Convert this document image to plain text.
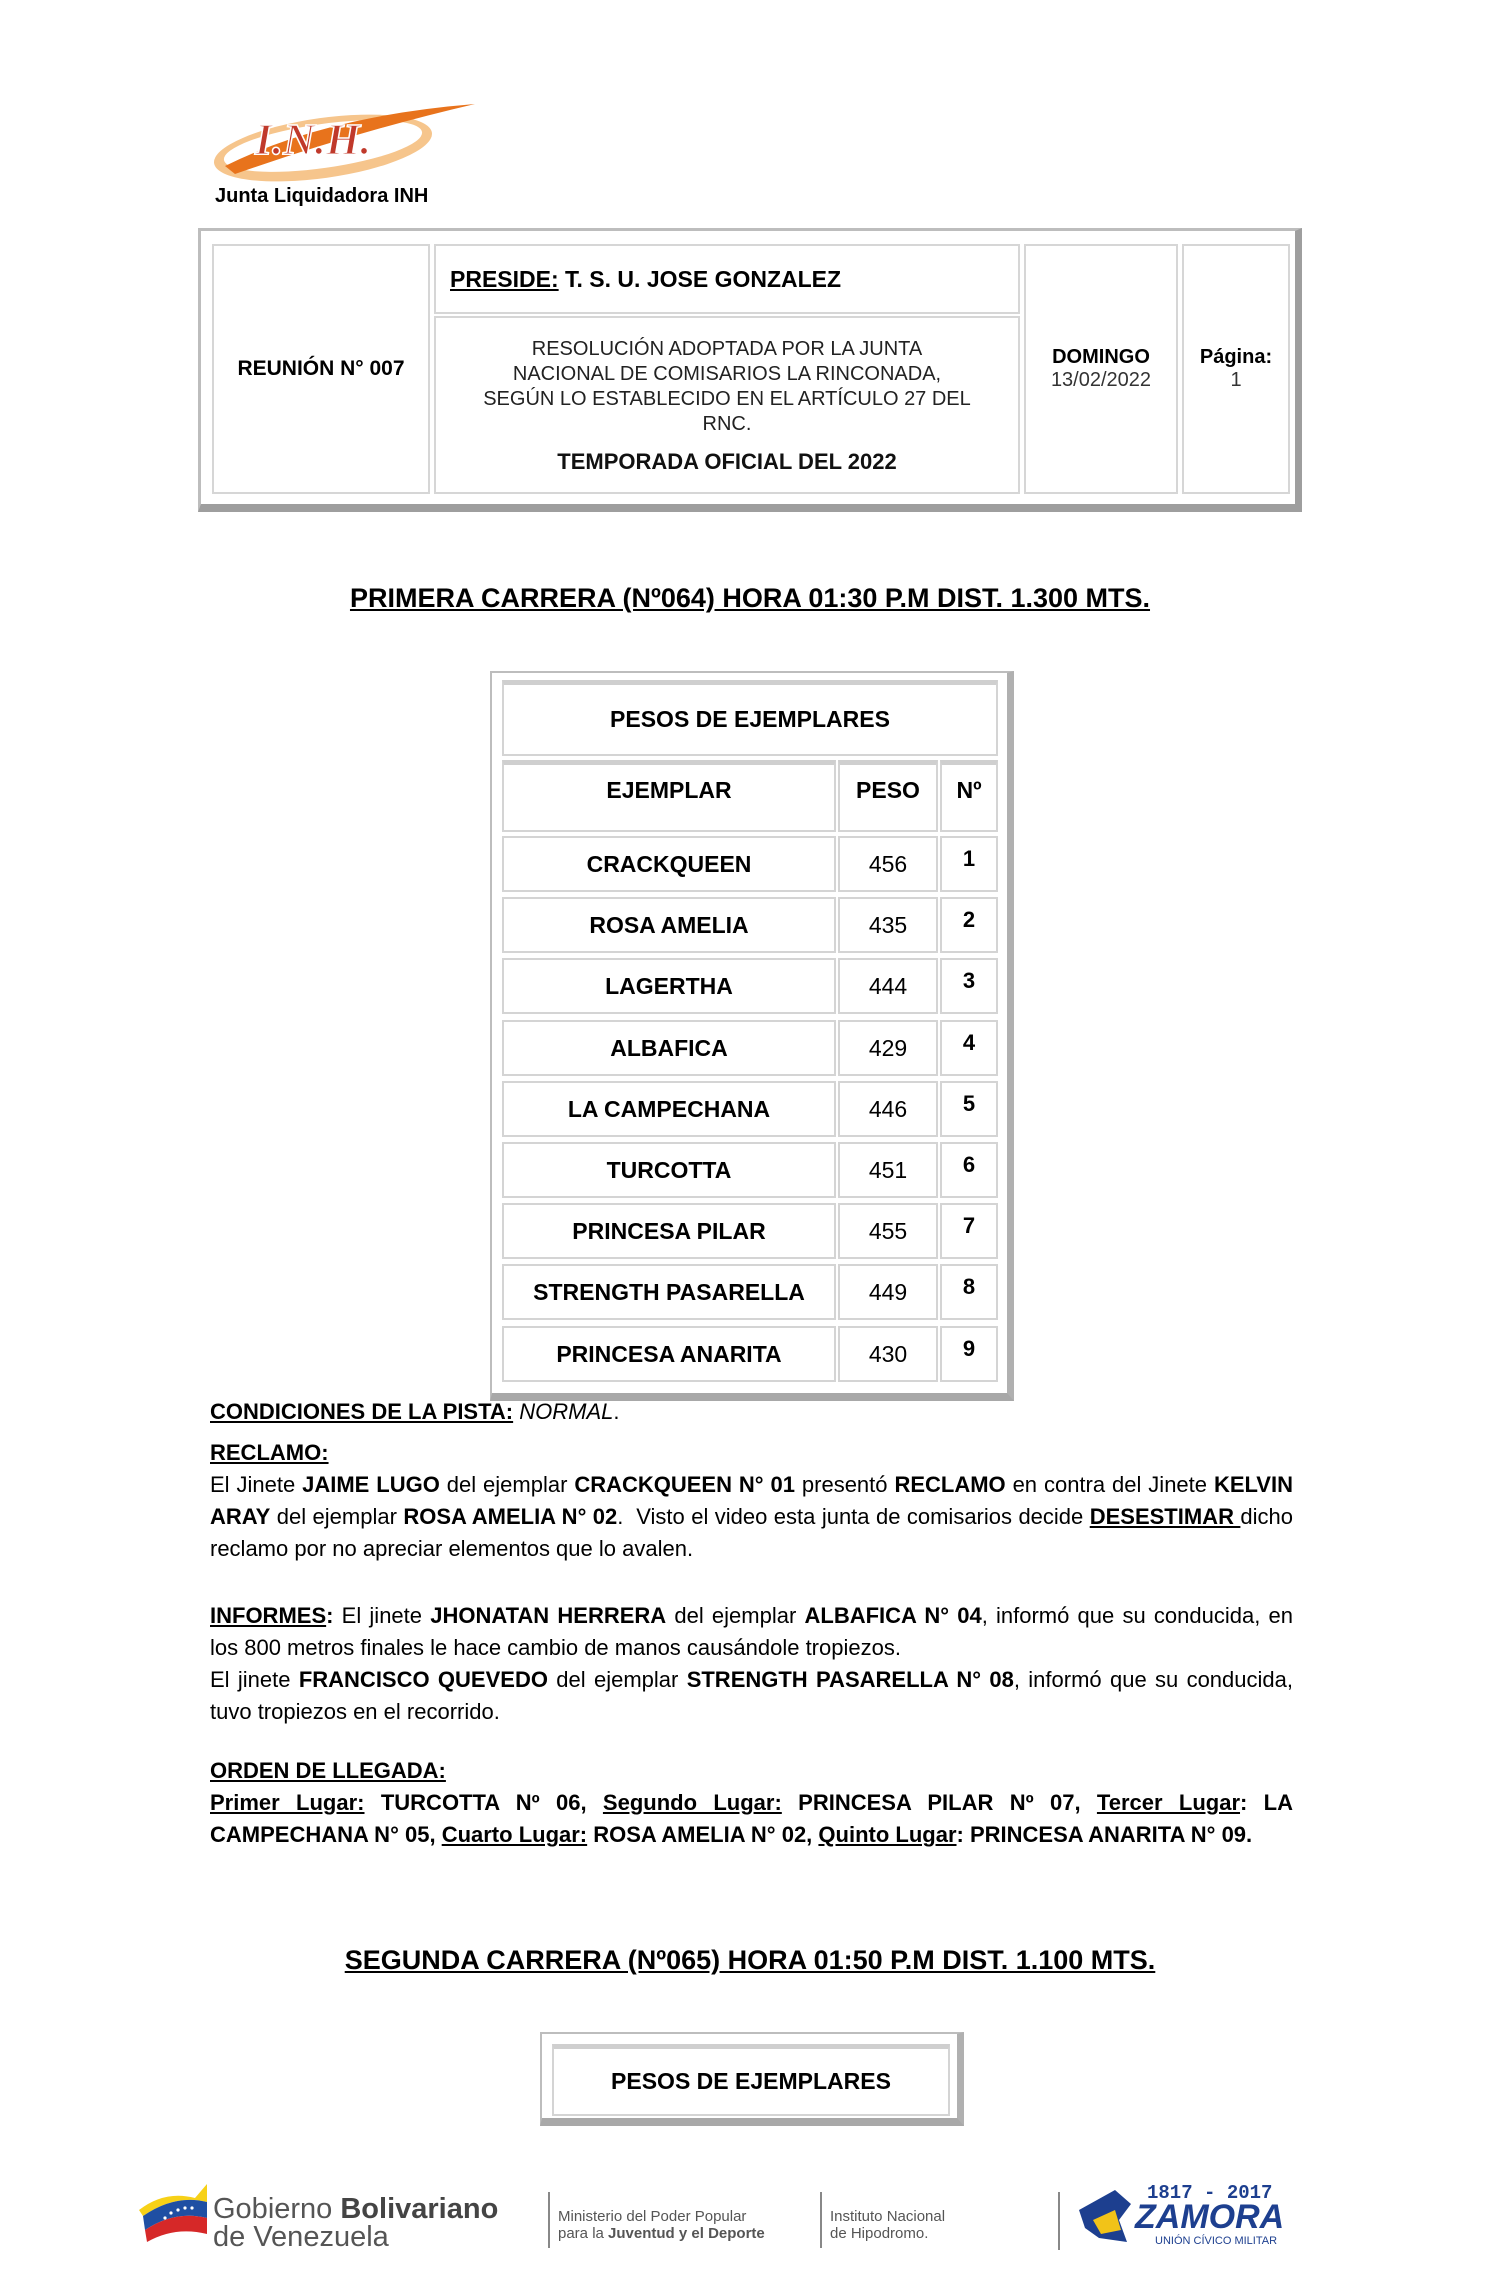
I.N.H.
Junta Liquidadora INH
REUNIÓN N° 007
PRESIDE: T. S. U. JOSE GONZALEZ
RESOLUCIÓN ADOPTADA POR LA JUNTA
NACIONAL DE COMISARIOS LA RINCONADA,
SEGÚN LO ESTABLECIDO EN EL ARTÍCULO 27 DEL
RNC.
TEMPORADA OFICIAL DEL 2022
DOMINGO
13/02/2022
Página:
1
PRIMERA CARRERA (Nº064) HORA 01:30 P.M DIST. 1.300 MTS.
PESOS DE EJEMPLARES
EJEMPLAR	PESO	Nº
CRACKQUEEN	456	1
ROSA AMELIA	435	2
LAGERTHA	444	3
ALBAFICA	429	4
LA CAMPECHANA	446	5
TURCOTTA	451	6
PRINCESA PILAR	455	7
STRENGTH PASARELLA	449	8
PRINCESA ANARITA	430	9
CONDICIONES DE LA PISTA: NORMAL.
RECLAMO:
El Jinete JAIME LUGO del ejemplar CRACKQUEEN N° 01 presentó RECLAMO en contra del Jinete KELVIN ARAY del ejemplar ROSA AMELIA N° 02.  Visto el video esta junta de comisarios decide DESESTIMAR dicho reclamo por no apreciar elementos que lo avalen.
INFORMES: El jinete JHONATAN HERRERA del ejemplar ALBAFICA N° 04, informó que su conducida, en los 800 metros finales le hace cambio de manos causándole tropiezos.
El jinete FRANCISCO QUEVEDO del ejemplar STRENGTH PASARELLA N° 08, informó que su conducida, tuvo tropiezos en el recorrido.
ORDEN DE LLEGADA:
Primer Lugar: TURCOTTA Nº 06, Segundo Lugar: PRINCESA PILAR Nº 07, Tercer Lugar: LA CAMPECHANA N° 05, Cuarto Lugar: ROSA AMELIA N° 02, Quinto Lugar: PRINCESA ANARITA N° 09.
SEGUNDA CARRERA (Nº065) HORA 01:50 P.M DIST. 1.100 MTS.
PESOS DE EJEMPLARES
Gobierno Bolivariano
de Venezuela
Ministerio del Poder Popular
para la Juventud y el Deporte
Instituto Nacional
de Hipodromo.
1817 - 2017
ZAMORA
UNIÓN CÍVICO MILITAR
